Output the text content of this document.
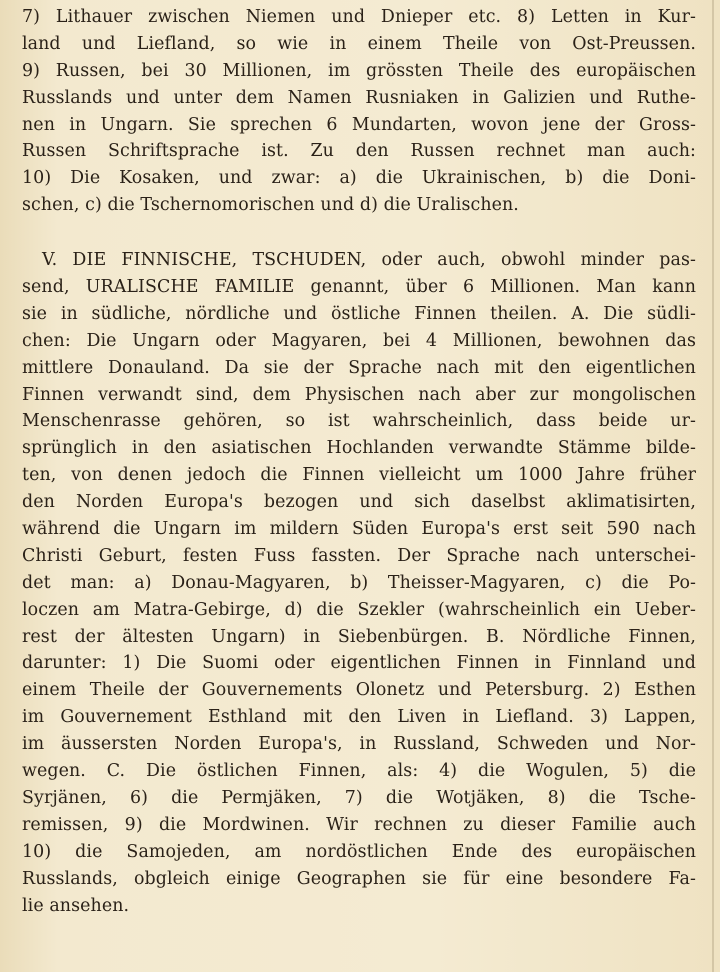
7) Lithauer zwischen Niemen und Dnieper etc. 8) Letten in Kur-
land und Liefland, so wie in einem Theile von Ost-Preussen.
9) Russen, bei 30 Millionen, im grössten Theile des europäischen
Russlands und unter dem Namen Rusniaken in Galizien und Ruthe-
nen in Ungarn. Sie sprechen 6 Mundarten, wovon jene der Gross-
Russen Schriftsprache ist. Zu den Russen rechnet man auch:
10) Die Kosaken, und zwar: a) die Ukrainischen, b) die Doni-
schen, c) die Tschernomorischen und d) die Uralischen.
V. DIE FINNISCHE, TSCHUDEN, oder auch, obwohl minder pas-
send, URALISCHE FAMILIE genannt, über 6 Millionen. Man kann
sie in südliche, nördliche und östliche Finnen theilen. A. Die südli-
chen: Die Ungarn oder Magyaren, bei 4 Millionen, bewohnen das
mittlere Donauland. Da sie der Sprache nach mit den eigentlichen
Finnen verwandt sind, dem Physischen nach aber zur mongolischen
Menschenrasse gehören, so ist wahrscheinlich, dass beide ur-
sprünglich in den asiatischen Hochlanden verwandte Stämme bilde-
ten, von denen jedoch die Finnen vielleicht um 1000 Jahre früher
den Norden Europa's bezogen und sich daselbst aklimatisirten,
während die Ungarn im mildern Süden Europa's erst seit 590 nach
Christi Geburt, festen Fuss fassten. Der Sprache nach unterschei-
det man: a) Donau-Magyaren, b) Theisser-Magyaren, c) die Po-
loczen am Matra-Gebirge, d) die Szekler (wahrscheinlich ein Ueber-
rest der ältesten Ungarn) in Siebenbürgen. B. Nördliche Finnen,
darunter: 1) Die Suomi oder eigentlichen Finnen in Finnland und
einem Theile der Gouvernements Olonetz und Petersburg. 2) Esthen
im Gouvernement Esthland mit den Liven in Liefland. 3) Lappen,
im äussersten Norden Europa's, in Russland, Schweden und Nor-
wegen. C. Die östlichen Finnen, als: 4) die Wogulen, 5) die
Syrjänen, 6) die Permjäken, 7) die Wotjäken, 8) die Tsche-
remissen, 9) die Mordwinen. Wir rechnen zu dieser Familie auch
10) die Samojeden, am nordöstlichen Ende des europäischen
Russlands, obgleich einige Geographen sie für eine besondere Fa-
lie ansehen.
